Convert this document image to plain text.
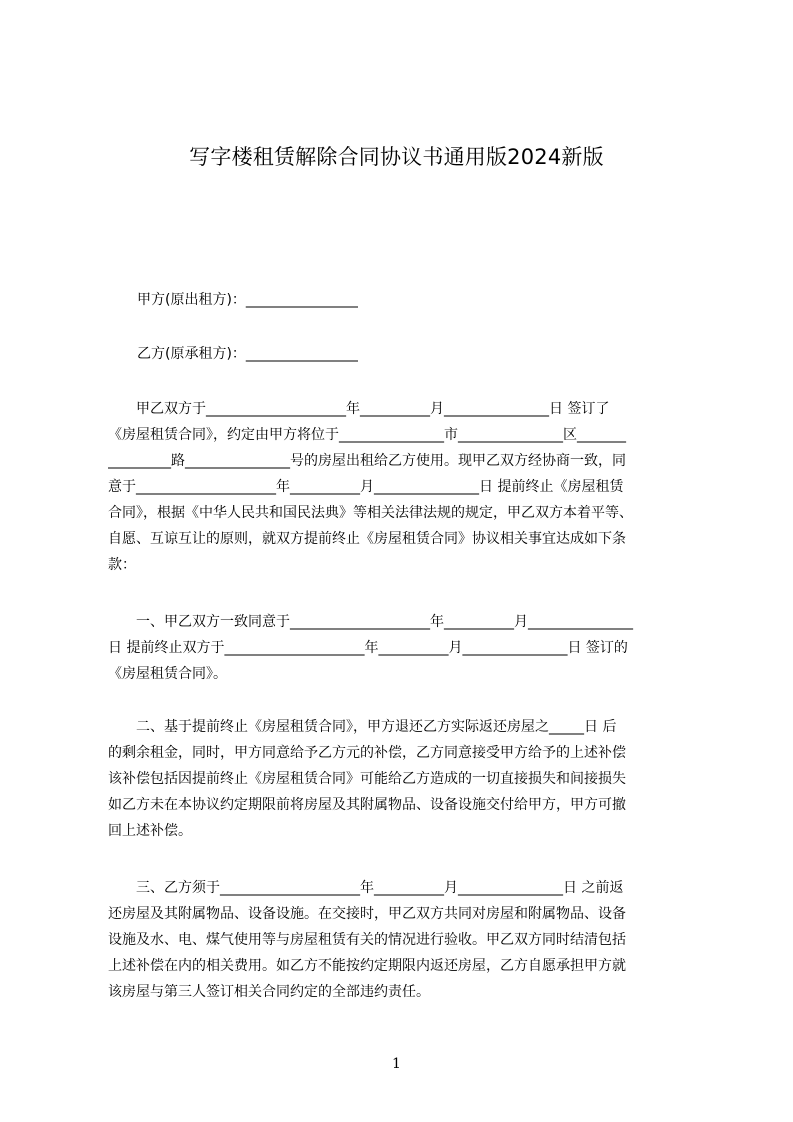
写字楼租赁解除合同协议书通用版2024新版
甲方(原出租方)：________________
乙方(原承租方)：________________
甲乙双方于____________________年__________月_______________日 签订了
《房屋租赁合同》，约定由甲方将位于_______________市_______________区_______
_________路_______________号的房屋出租给乙方使用。现甲乙双方经协商一致，同
意于____________________年__________月_______________日 提前终止《房屋租赁
合同》，根据《中华人民共和国民法典》等相关法律法规的规定，甲乙双方本着平等、
自愿、互谅互让的原则，就双方提前终止《房屋租赁合同》协议相关事宜达成如下条
款：
一、甲乙双方一致同意于____________________年__________月_______________
日 提前终止双方于____________________年__________月_______________日 签订的
《房屋租赁合同》。
二、基于提前终止《房屋租赁合同》，甲方退还乙方实际返还房屋之_____日 后
的剩余租金，同时，甲方同意给予乙方元的补偿，乙方同意接受甲方给予的上述补偿
该补偿包括因提前终止《房屋租赁合同》可能给乙方造成的一切直接损失和间接损失
如乙方未在本协议约定期限前将房屋及其附属物品、设备设施交付给甲方，甲方可撤
回上述补偿。
三、乙方须于____________________年__________月_______________日 之前返
还房屋及其附属物品、设备设施。在交接时，甲乙双方共同对房屋和附属物品、设备
设施及水、电、煤气使用等与房屋租赁有关的情况进行验收。甲乙双方同时结清包括
上述补偿在内的相关费用。如乙方不能按约定期限内返还房屋，乙方自愿承担甲方就
该房屋与第三人签订相关合同约定的全部违约责任。
1
